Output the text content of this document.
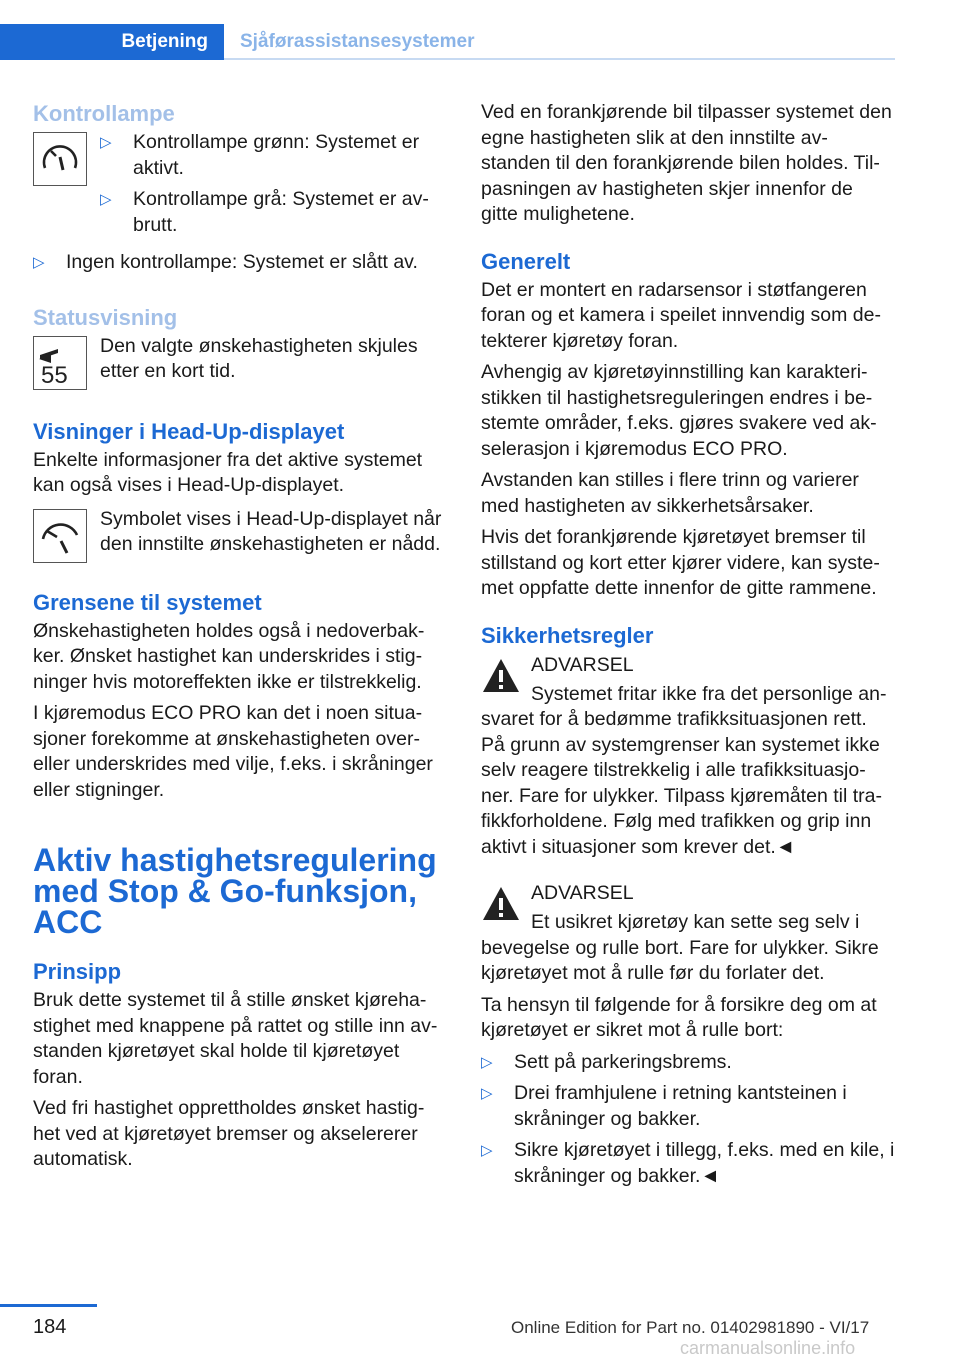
Betjening	Sjåførassistansesystemer
Kontrollampe
▷	Kontrollampe grønn: Systemet er aktivt.
▷	Kontrollampe grå: Systemet er av-brutt.
▷	Ingen kontrollampe: Systemet er slått av.
Statusvisning
55
Den valgte ønskehastigheten skjules etter en kort tid.
Visninger i Head-Up-displayet

Enkelte informasjoner fra det aktive systemet kan også vises i Head-Up-displayet.

Symbolet vises i Head-Up-displayet når den innstilte ønskehastigheten er nådd.
Grensene til systemet

Ønskehastigheten holdes også i nedoverbak-ker. Ønsket hastighet kan underskrides i stig-ninger hvis motoreffekten ikke er tilstrekkelig.

I kjøremodus ECO PRO kan det i noen situa-sjoner forekomme at ønskehastigheten over- eller underskrides med vilje, f.eks. i skråninger eller stigninger.

Aktiv hastighetsregulering med Stop & Go-funksjon, ACC
Prinsipp

Bruk dette systemet til å stille ønsket kjøreha-stighet med knappene på rattet og stille inn av-standen kjøretøyet skal holde til kjøretøyet foran.

Ved fri hastighet opprettholdes ønsket hastig-het ved at kjøretøyet bremser og akselererer automatisk.

Ved en forankjørende bil tilpasser systemet den egne hastigheten slik at den innstilte av-standen til den forankjørende bilen holdes. Til-pasningen av hastigheten skjer innenfor de gitte mulighetene.

Generelt

Det er montert en radarsensor i støtfangeren foran og et kamera i speilet innvendig som de-tekterer kjøretøy foran.

Avhengig av kjøretøyinnstilling kan karakteri-stikken til hastighetsreguleringen endres i be-stemte områder, f.eks. gjøres svakere ved ak-selerasjon i kjøremodus ECO PRO.

Avstanden kan stilles i flere trinn og varierer med hastigheten av sikkerhetsårsaker.

Hvis det forankjørende kjøretøyet bremser til stillstand og kort etter kjører videre, kan syste-met oppfatte dette innenfor de gitte rammene.

Sikkerhetsregler
ADVARSEL

Systemet fritar ikke fra det personlige an-svaret for å bedømme trafikksituasjonen rett. På grunn av systemgrenser kan systemet ikke selv reagere tilstrekkelig i alle trafikksituasjo-ner. Fare for ulykker. Tilpass kjøremåten til tra-fikkforholdene. Følg med trafikken og grip inn aktivt i situasjoner som krever det.◄

ADVARSEL

Et usikret kjøretøy kan sette seg selv i bevegelse og rulle bort. Fare for ulykker. Sikre kjøretøyet mot å rulle før du forlater det.

Ta hensyn til følgende for å forsikre deg om at kjøretøyet er sikret mot å rulle bort:

▷	Sett på parkeringsbrems.
▷	Drei framhjulene i retning kantsteinen i skråninger og bakker.
▷	Sikre kjøretøyet i tillegg, f.eks. med en kile, i skråninger og bakker.◄
184	Online Edition for Part no. 01402981890 - VI/17
carmanualsonline.info
